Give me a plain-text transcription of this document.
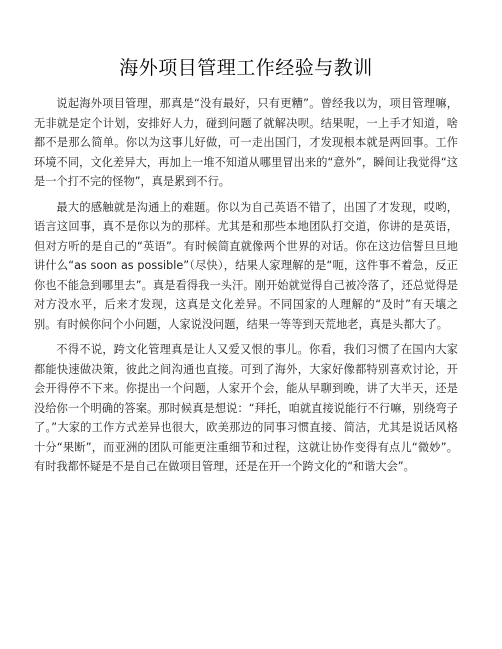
海外项目管理工作经验与教训

说起海外项目管理，那真是“没有最好，只有更糟”。曾经我以为，项目管理嘛，无非就是定个计划，安排好人力，碰到问题了就解决呗。结果呢，一上手才知道，啥都不是那么简单。你以为这事儿好做，可一走出国门，才发现根本就是两回事。工作环境不同，文化差异大，再加上一堆不知道从哪里冒出来的“意外”，瞬间让我觉得“这是一个打不完的怪物”，真是累到不行。

最大的感触就是沟通上的难题。你以为自己英语不错了，出国了才发现，哎哟，语言这回事，真不是你以为的那样。尤其是和那些本地团队打交道，你讲的是英语，但对方听的是自己的“英语”。有时候简直就像两个世界的对话。你在这边信誓旦旦地讲什么“as soon as possible”（尽快），结果人家理解的是“呃，这件事不着急，反正你也不能急到哪里去”。真是看得我一头汗。刚开始就觉得自己被冷落了，还总觉得是对方没水平，后来才发现，这真是文化差异。不同国家的人理解的“及时”有天壤之别。有时候你问个小问题，人家说没问题，结果一等等到天荒地老，真是头都大了。

不得不说，跨文化管理真是让人又爱又恨的事儿。你看，我们习惯了在国内大家都能快速做决策，彼此之间沟通也直接。可到了海外，大家好像都特别喜欢讨论，开会开得停不下来。你提出一个问题，人家开个会，能从早聊到晚，讲了大半天，还是没给你一个明确的答案。那时候真是想说：“拜托，咱就直接说能行不行嘛，别绕弯子了。”大家的工作方式差异也很大，欧美那边的同事习惯直接、简洁，尤其是说话风格十分“果断”，而亚洲的团队可能更注重细节和过程，这就让协作变得有点儿“微妙”。有时我都怀疑是不是自己在做项目管理，还是在开一个跨文化的“和谐大会”。
